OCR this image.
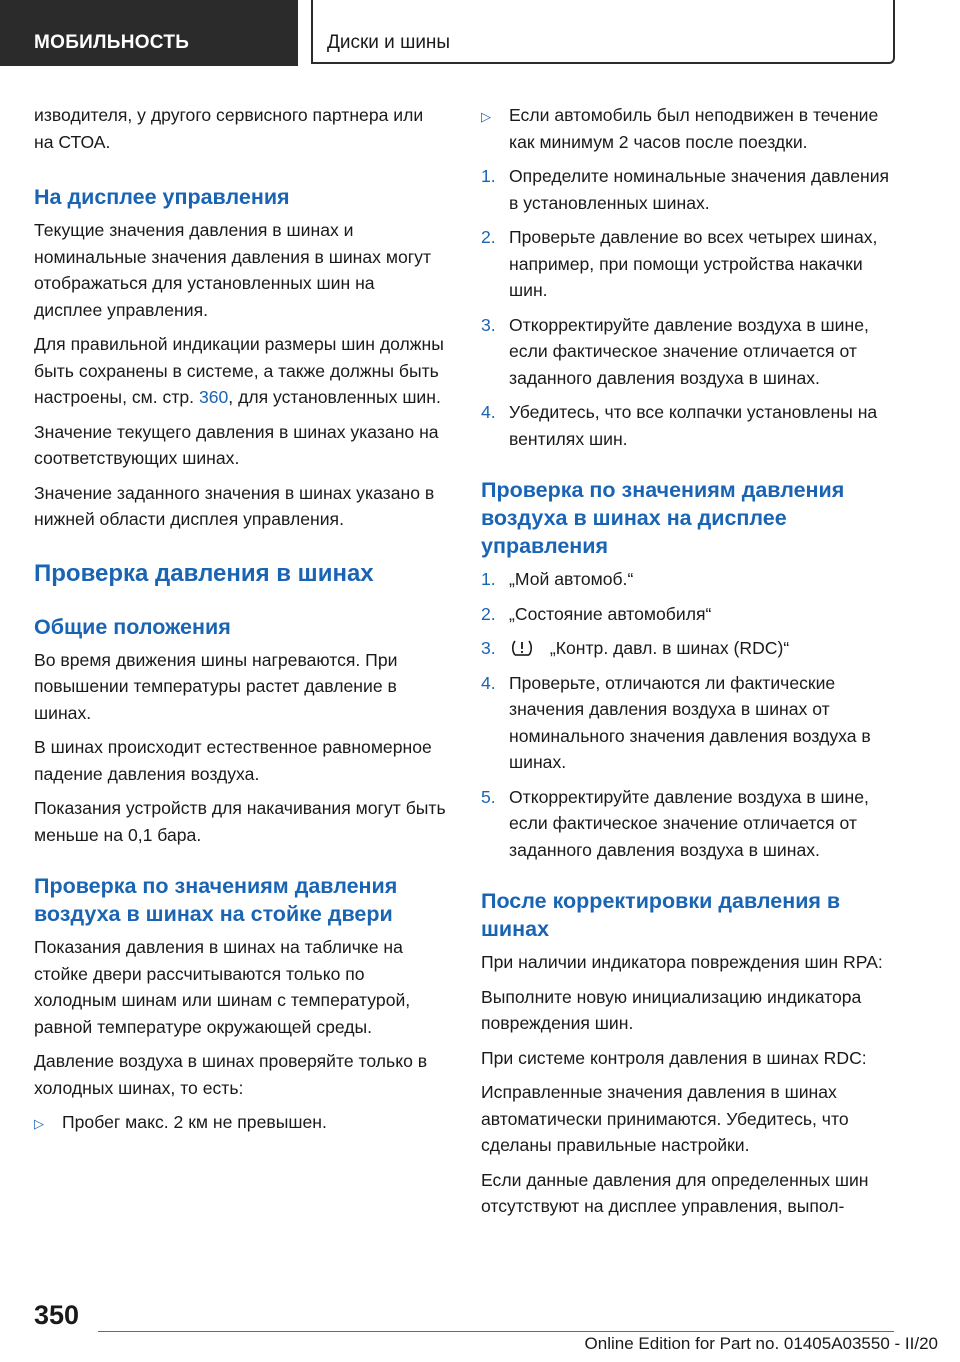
МОБИЛЬНОСТЬ	Диски и шины

изводителя, у другого сервисного партнера или на СТОА.

На дисплее управления

Текущие значения давления в шинах и номинальные значения давления в шинах могут отображаться для установленных шин на дисплее управления.

Для правильной индикации размеры шин должны быть сохранены в системе, а также должны быть настроены, см. стр. 360, для установленных шин.

Значение текущего давления в шинах указано на соответствующих шинах.

Значение заданного значения в шинах указано в нижней области дисплея управления.

Проверка давления в шинах
Общие положения

Во время движения шины нагреваются. При повышении температуры растет давление в шинах.

В шинах происходит естественное равномерное падение давления воздуха.

Показания устройств для накачивания могут быть меньше на 0,1 бара.

Проверка по значениям давления воздуха в шинах на стойке двери

Показания давления в шинах на табличке на стойке двери рассчитываются только по холодным шинам или шинам с температурой, равной температуре окружающей среды.

Давление воздуха в шинах проверяйте только в холодных шинах, то есть:

▷ Пробег макс. 2 км не превышен.
▷ Если автомобиль был неподвижен в течение как минимум 2 часов после поездки.
1. Определите номинальные значения давления в установленных шинах.
2. Проверьте давление во всех четырех шинах, например, при помощи устройства накачки шин.
3. Откорректируйте давление воздуха в шине, если фактическое значение отличается от заданного давления воздуха в шинах.
4. Убедитесь, что все колпачки установлены на вентилях шин.
Проверка по значениям давления воздуха в шинах на дисплее управления
1. „Мой автомоб.“
2. „Состояние автомобиля“
3.	„Контр. давл. в шинах (RDC)“
4. Проверьте, отличаются ли фактические значения давления воздуха в шинах от номинального значения давления воздуха в шинах.
5. Откорректируйте давление воздуха в шине, если фактическое значение отличается от заданного давления воздуха в шинах.
После корректировки давления в шинах

При наличии индикатора повреждения шин RPA:

Выполните новую инициализацию индикатора повреждения шин.

При системе контроля давления в шинах RDC:

Исправленные значения давления в шинах автоматически принимаются. Убедитесь, что сделаны правильные настройки.

Если данные давления для определенных шин отсутствуют на дисплее управления, выпол-

350
Online Edition for Part no. 01405A03550 - II/20
